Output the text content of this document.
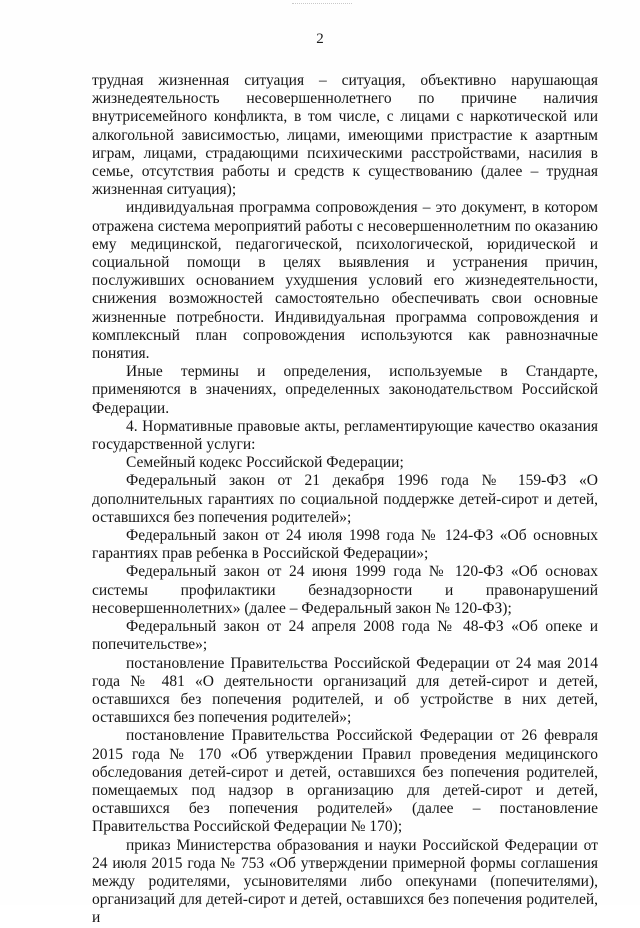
2

трудная жизненная ситуация – ситуация, объективно нарушающая жизнедеятельность несовершеннолетнего по причине наличия внутрисемейного конфликта, в том числе, с лицами с наркотической или алкогольной зависимостью, лицами, имеющими пристрастие к азартным играм, лицами, страдающими психическими расстройствами, насилия в семье, отсутствия работы и средств к существованию (далее – трудная жизненная ситуация);

индивидуальная программа сопровождения – это документ, в котором отражена система мероприятий работы с несовершеннолетним по оказанию ему медицинской, педагогической, психологической, юридической и социальной помощи в целях выявления и устранения причин, послуживших основанием ухудшения условий его жизнедеятельности, снижения возможностей самостоятельно обеспечивать свои основные жизненные потребности. Индивидуальная программа сопровождения и комплексный план сопровождения используются как равнозначные понятия.

Иные термины и определения, используемые в Стандарте, применяются в значениях, определенных законодательством Российской Федерации.

4. Нормативные правовые акты, регламентирующие качество оказания государственной услуги:

Семейный кодекс Российской Федерации;

Федеральный закон от 21 декабря 1996 года № 159-ФЗ «О дополнительных гарантиях по социальной поддержке детей-сирот и детей, оставшихся без попечения родителей»;

Федеральный закон от 24 июля 1998 года № 124-ФЗ «Об основных гарантиях прав ребенка в Российской Федерации»;

Федеральный закон от 24 июня 1999 года № 120-ФЗ «Об основах системы профилактики безнадзорности и правонарушений несовершеннолетних» (далее – Федеральный закон № 120-ФЗ);

Федеральный закон от 24 апреля 2008 года № 48-ФЗ «Об опеке и попечительстве»;

постановление Правительства Российской Федерации от 24 мая 2014 года № 481 «О деятельности организаций для детей-сирот и детей, оставшихся без попечения родителей, и об устройстве в них детей, оставшихся без попечения родителей»;

постановление Правительства Российской Федерации от 26 февраля 2015 года № 170 «Об утверждении Правил проведения медицинского обследования детей-сирот и детей, оставшихся без попечения родителей, помещаемых под надзор в организацию для детей-сирот и детей, оставшихся без попечения родителей» (далее – постановление Правительства Российской Федерации № 170);

приказ Министерства образования и науки Российской Федерации от 24 июля 2015 года № 753 «Об утверждении примерной формы соглашения между родителями, усыновителями либо опекунами (попечителями), организаций для детей-сирот и детей, оставшихся без попечения родителей, и
